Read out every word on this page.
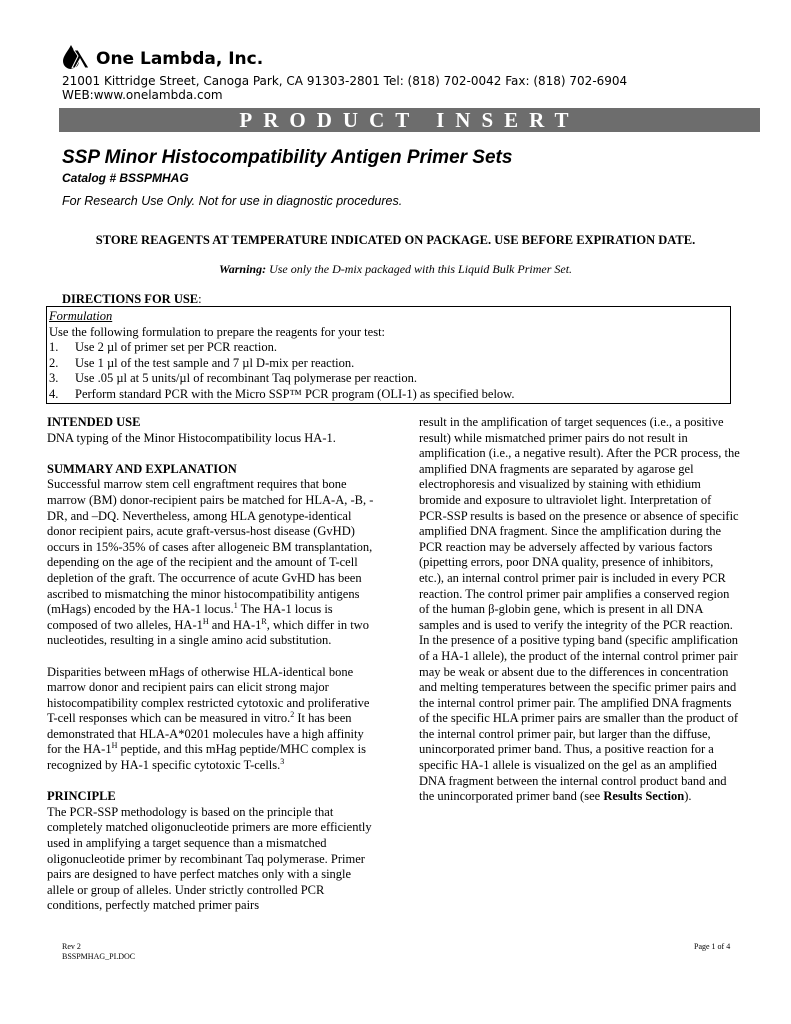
One Lambda, Inc.
21001 Kittridge Street, Canoga Park, CA 91303-2801 Tel: (818) 702-0042 Fax: (818) 702-6904
WEB:www.onelambda.com
PRODUCT INSERT
SSP Minor Histocompatibility Antigen Primer Sets
Catalog # BSSPMHAG
For Research Use Only. Not for use in diagnostic procedures.
STORE REAGENTS AT TEMPERATURE INDICATED ON PACKAGE. USE BEFORE EXPIRATION DATE.
Warning: Use only the D-mix packaged with this Liquid Bulk Primer Set.
DIRECTIONS FOR USE:
Formulation
Use the following formulation to prepare the reagents for your test:
1.	Use 2 µl of primer set per PCR reaction.
2.	Use 1 µl of the test sample and 7 µl D-mix per reaction.
3.	Use .05 µl at 5 units/µl of recombinant Taq polymerase per reaction.
4.	Perform standard PCR with the Micro SSP™ PCR program (OLI-1) as specified below.
INTENDED USE
DNA typing of the Minor Histocompatibility locus HA-1.
SUMMARY AND EXPLANATION

Successful marrow stem cell engraftment requires that bone marrow (BM) donor-recipient pairs be matched for HLA-A, -B, -DR, and –DQ. Nevertheless, among HLA genotype-identical donor recipient pairs, acute graft-versus-host disease (GvHD) occurs in 15%-35% of cases after allogeneic BM transplantation, depending on the age of the recipient and the amount of T-cell depletion of the graft. The occurrence of acute GvHD has been ascribed to mismatching the minor histocompatibility antigens (mHags) encoded by the HA-1 locus.$^1$ The HA-1 locus is composed of two alleles, $HA-1^H$ and $HA-1^R$, which differ in two nucleotides, resulting in a single amino acid substitution.

Disparities between mHags of otherwise HLA-identical bone marrow donor and recipient pairs can elicit strong major histocompatibility complex restricted cytotoxic and proliferative T-cell responses which can be measured in vitro.$^2$ It has been demonstrated that HLA-A*0201 molecules have a high affinity for the $HA-1^H$ peptide, and this mHag peptide/MHC complex is recognized by HA-1 specific cytotoxic T-cells.$^3$

PRINCIPLE

The PCR-SSP methodology is based on the principle that completely matched oligonucleotide primers are more efficiently used in amplifying a target sequence than a mismatched oligonucleotide primer by recombinant Taq polymerase. Primer pairs are designed to have perfect matches only with a single allele or group of alleles. Under strictly controlled PCR conditions, perfectly matched primer pairs

result in the amplification of target sequences (i.e., a positive result) while mismatched primer pairs do not result in amplification (i.e., a negative result). After the PCR process, the amplified DNA fragments are separated by agarose gel electrophoresis and visualized by staining with ethidium bromide and exposure to ultraviolet light. Interpretation of PCR-SSP results is based on the presence or absence of specific amplified DNA fragment. Since the amplification during the PCR reaction may be adversely affected by various factors (pipetting errors, poor DNA quality, presence of inhibitors, etc.), an internal control primer pair is included in every PCR reaction. The control primer pair amplifies a conserved region of the human β-globin gene, which is present in all DNA samples and is used to verify the integrity of the PCR reaction. In the presence of a positive typing band (specific amplification of a HA-1 allele), the product of the internal control primer pair may be weak or absent due to the differences in concentration and melting temperatures between the specific primer pairs and the internal control primer pair. The amplified DNA fragments of the specific HLA primer pairs are smaller than the product of the internal control primer pair, but larger than the diffuse, unincorporated primer band. Thus, a positive reaction for a specific HA-1 allele is visualized on the gel as an amplified DNA fragment between the internal control product band and the unincorporated primer band (see Results Section).

Rev 2
BSSPMHAG_PI.DOC
Page 1 of 4
